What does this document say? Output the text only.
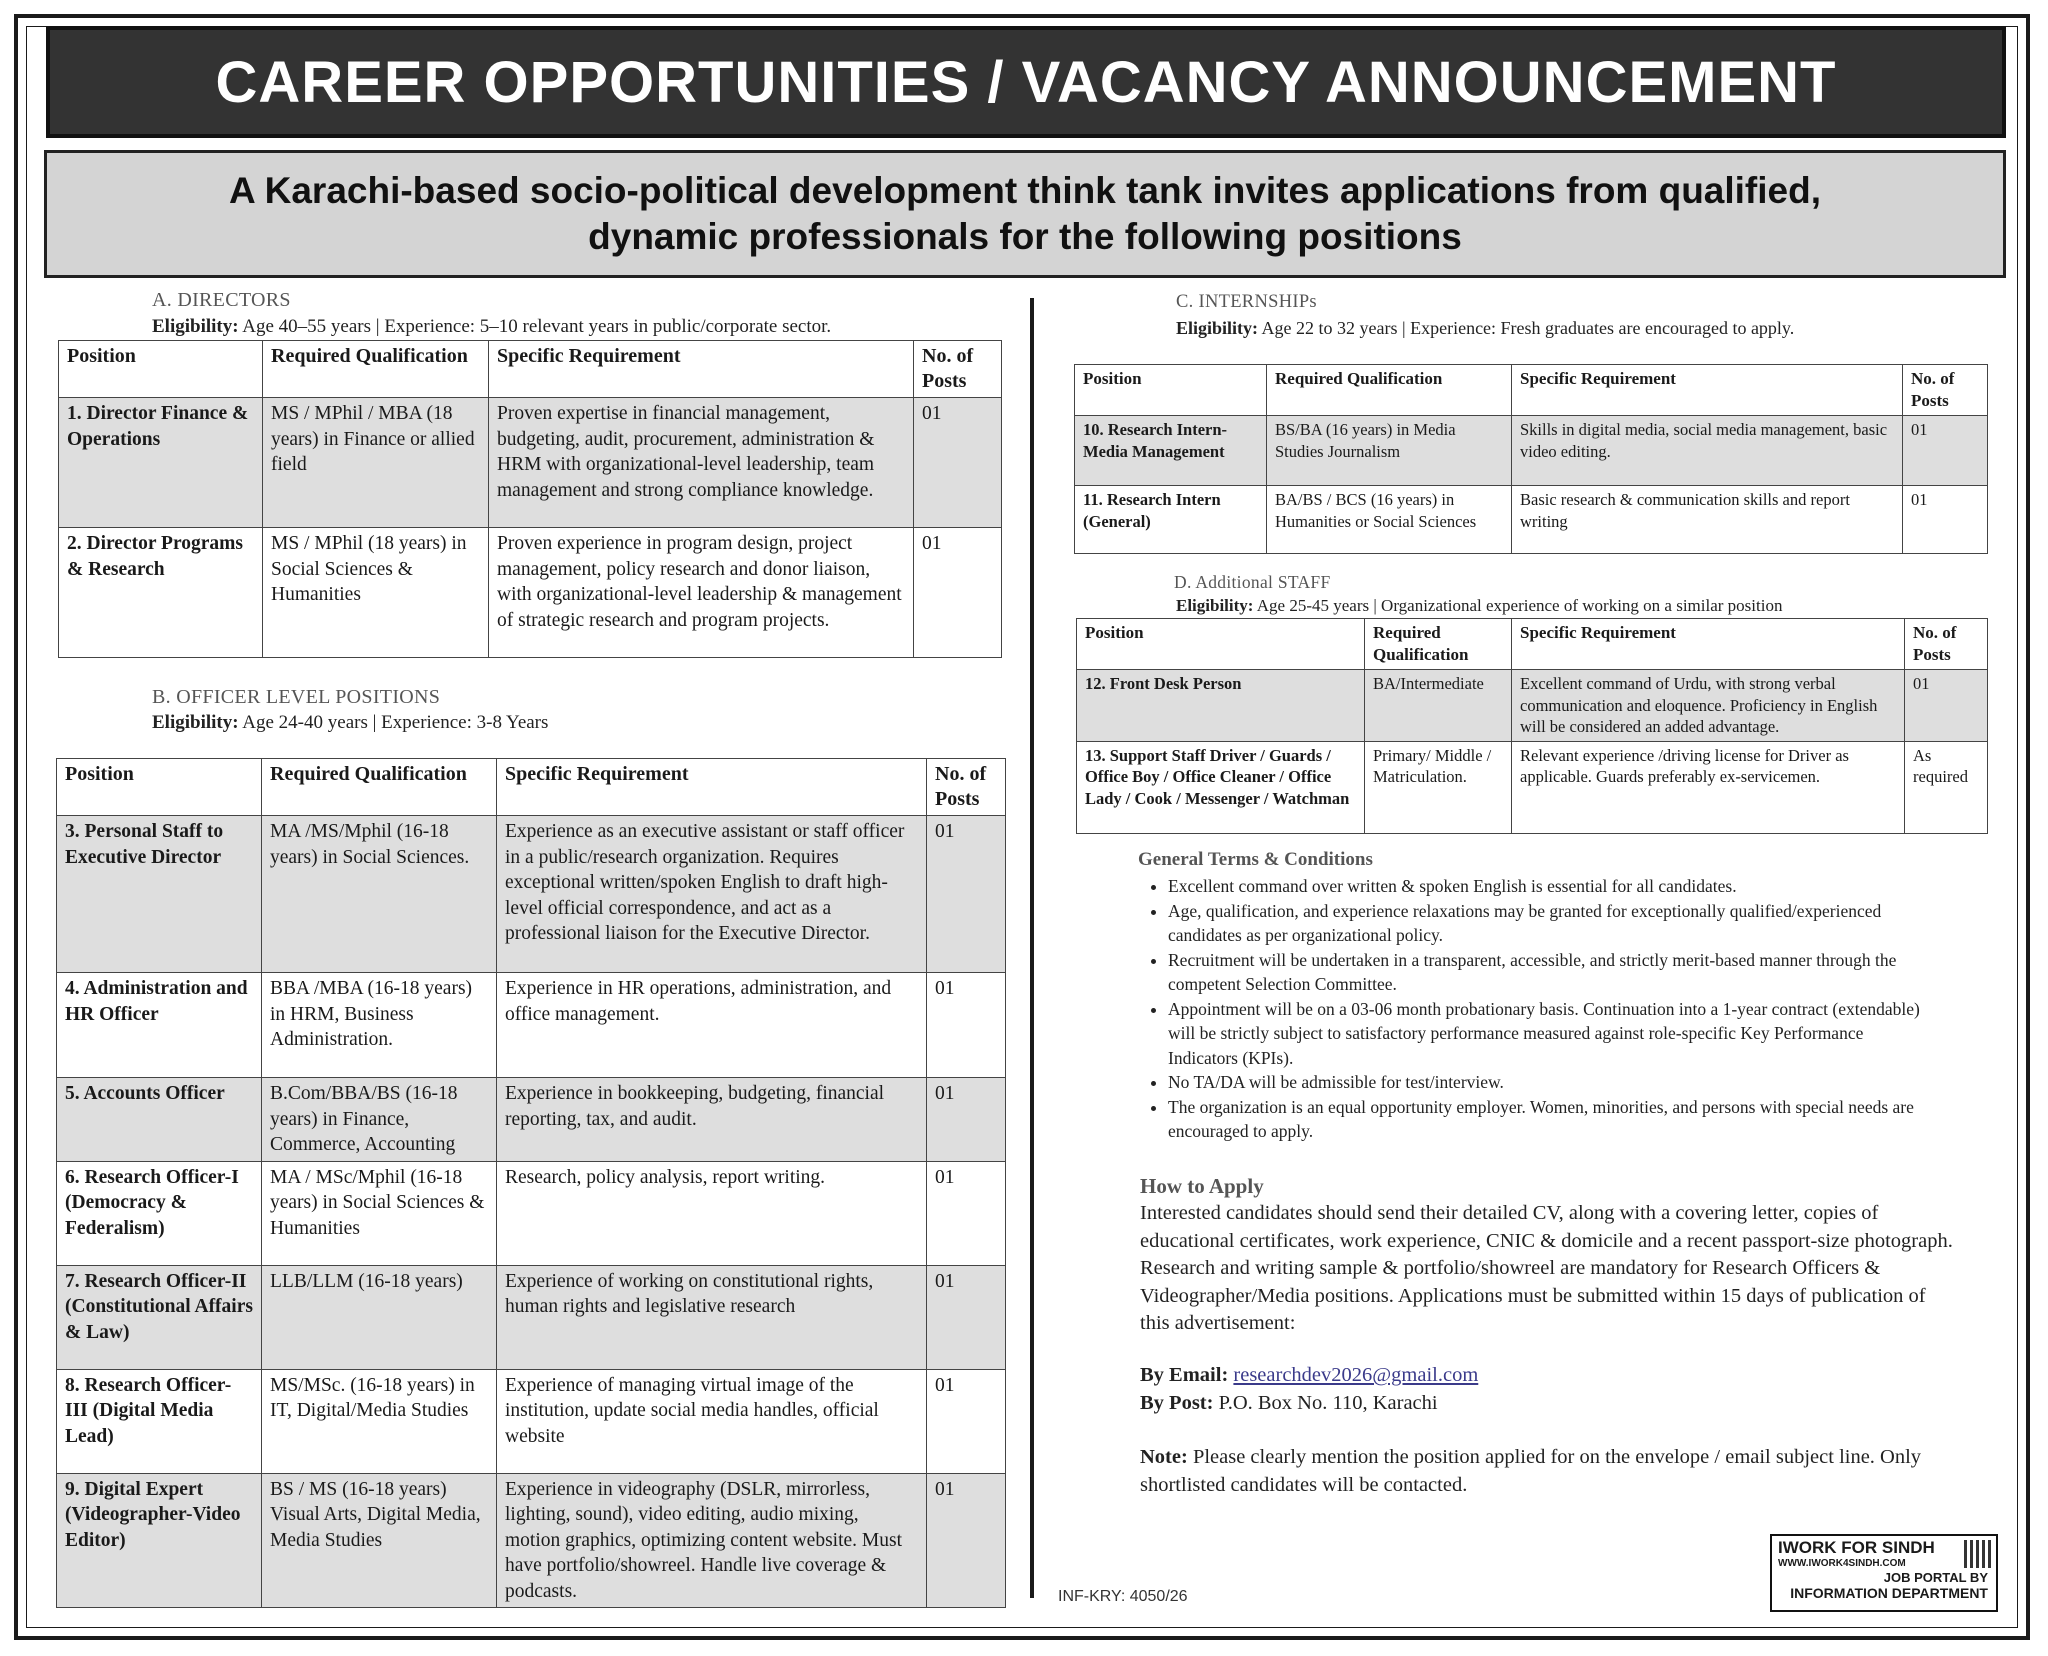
CAREER OPPORTUNITIES / VACANCY ANNOUNCEMENT

A Karachi-based socio-political development think tank invites applications from qualified,
dynamic professionals for the following positions

A. DIRECTORS
Eligibility: Age 40–55 years | Experience: 5–10 relevant years in public/corporate sector.
Position	Required Qualification	Specific Requirement	No. of
Posts
1. Director Finance & Operations	MS / MPhil / MBA (18 years) in Finance or allied field	Proven expertise in financial management, budgeting, audit, procurement, administration & HRM with organizational-level leadership, team management and strong compliance knowledge.	01
2. Director Programs & Research	MS / MPhil (18 years) in Social Sciences & Humanities	Proven experience in program design, project management, policy research and donor liaison, with organizational-level leadership & management of strategic research and program projects.	01
B. OFFICER LEVEL POSITIONS
Eligibility: Age 24-40 years | Experience: 3-8 Years
Position	Required Qualification	Specific Requirement	No. of
Posts
3. Personal Staff to Executive Director	MA /MS/Mphil (16-18 years) in Social Sciences.	Experience as an executive assistant or staff officer in a public/research organization. Requires exceptional written/spoken English to draft high-level official correspondence, and act as a professional liaison for the Executive Director.	01
4. Administration and HR Officer	BBA /MBA (16-18 years) in HRM, Business Administration.	Experience in HR operations, administration, and office management.	01
5. Accounts Officer	B.Com/BBA/BS (16-18 years) in Finance, Commerce, Accounting	Experience in bookkeeping, budgeting, financial reporting, tax, and audit.	01
6. Research Officer-I (Democracy & Federalism)	MA / MSc/Mphil (16-18 years) in Social Sciences & Humanities	Research, policy analysis, report writing.	01
7. Research Officer-II (Constitutional Affairs & Law)	LLB/LLM (16-18 years)	Experience of working on constitutional rights, human rights and legislative research	01
8. Research Officer-III (Digital Media Lead)	MS/MSc. (16-18 years) in IT, Digital/Media Studies	Experience of managing virtual image of the institution, update social media handles, official website	01
9. Digital Expert (Videographer-Video Editor)	BS / MS (16-18 years) Visual Arts, Digital Media, Media Studies	Experience in videography (DSLR, mirrorless, lighting, sound), video editing, audio mixing, motion graphics, optimizing content website. Must have portfolio/showreel. Handle live coverage & podcasts.	01
C. INTERNSHIPs
Eligibility: Age 22 to 32 years | Experience: Fresh graduates are encouraged to apply.
Position	Required Qualification	Specific Requirement	No. of
Posts
10. Research Intern-Media Management	BS/BA (16 years) in Media Studies Journalism	Skills in digital media, social media management, basic video editing.	01
11. Research Intern (General)	BA/BS / BCS (16 years) in Humanities or Social Sciences	Basic research & communication skills and report writing	01
D. Additional STAFF
Eligibility: Age 25-45 years | Organizational experience of working on a similar position
Position	Required
Qualification	Specific Requirement	No. of
Posts
12. Front Desk Person	BA/Intermediate	Excellent command of Urdu, with strong verbal communication and eloquence. Proficiency in English will be considered an added advantage.	01
13. Support Staff Driver / Guards / Office Boy / Office Cleaner / Office Lady / Cook / Messenger / Watchman	Primary/ Middle / Matriculation.	Relevant experience /driving license for Driver as applicable. Guards preferably ex-servicemen.	As required
General Terms & Conditions
• Excellent command over written & spoken English is essential for all candidates.
• Age, qualification, and experience relaxations may be granted for exceptionally qualified/experienced candidates as per organizational policy.
• Recruitment will be undertaken in a transparent, accessible, and strictly merit-based manner through the competent Selection Committee.
• Appointment will be on a 03-06 month probationary basis. Continuation into a 1-year contract (extendable) will be strictly subject to satisfactory performance measured against role-specific Key Performance Indicators (KPIs).
• No TA/DA will be admissible for test/interview.
• The organization is an equal opportunity employer. Women, minorities, and persons with special needs are encouraged to apply.
How to Apply

Interested candidates should send their detailed CV, along with a covering letter, copies of educational certificates, work experience, CNIC & domicile and a recent passport-size photograph. Research and writing sample & portfolio/showreel are mandatory for Research Officers & Videographer/Media positions. Applications must be submitted within 15 days of publication of this advertisement:

By Email: researchdev2026@gmail.com
By Post: P.O. Box No. 110, Karachi

Note: Please clearly mention the position applied for on the envelope / email subject line. Only shortlisted candidates will be contacted.

INF-KRY: 4050/26
IWORK FOR SINDH
WWW.IWORK4SINDH.COM
JOB PORTAL BY
INFORMATION DEPARTMENT
